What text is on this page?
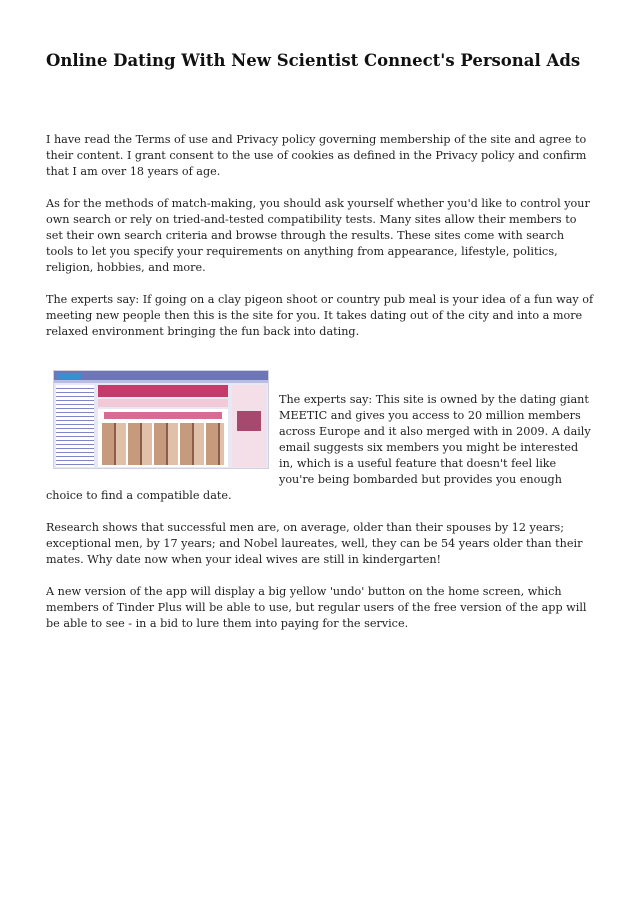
Online Dating With New Scientist Connect's Personal Ads

I have read the Terms of use and Privacy policy governing membership of the site and agree to their content. I grant consent to the use of cookies as defined in the Privacy policy and confirm that I am over 18 years of age.

As for the methods of match-making, you should ask yourself whether you'd like to control your own search or rely on tried-and-tested compatibility tests. Many sites allow their members to set their own search criteria and browse through the results. These sites come with search tools to let you specify your requirements on anything from appearance, lifestyle, politics, religion, hobbies, and more.

The experts say: If going on a clay pigeon shoot or country pub meal is your idea of a fun way of meeting new people then this is the site for you. It takes dating out of the city and into a more relaxed environment bringing the fun back into dating.

The experts say: This site is owned by the dating giant MEETIC and gives you access to 20 million members across Europe and it also merged with in 2009. A daily email suggests six members you might be interested in, which is a useful feature that doesn't feel like you're being bombarded but provides you enough choice to find a compatible date.

Research shows that successful men are, on average, older than their spouses by 12 years; exceptional men, by 17 years; and Nobel laureates, well, they can be 54 years older than their mates. Why date now when your ideal wives are still in kindergarten!

A new version of the app will display a big yellow 'undo' button on the home screen, which members of Tinder Plus will be able to use, but regular users of the free version of the app will be able to see - in a bid to lure them into paying for the service.
